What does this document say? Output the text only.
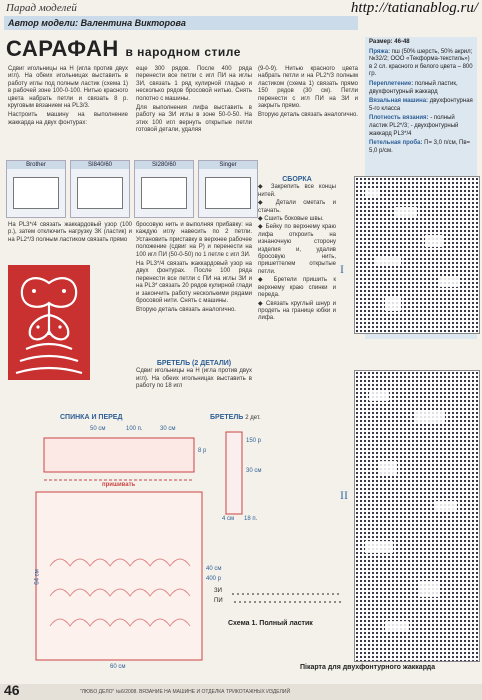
Парад моделей	http://tatianablog.ru/
Автор модели: Валентина Викторова
САРАФАН в народном стиле

Сдвиг игольницы на Н (игла против двух игл). На обеих игольницах выставить в работу иглы под полным ластик (схема 1) в рабочей зоне 100-0-100. Нитью красного цвета набрать петли и связать 8 р. круговым вязанием на PL3/3.

Настроить машину на выполнение жаккарда на двух фонтурах:

еще 300 рядов. После 400 ряда перенести все петли с игл ПИ на иглы ЗИ, связать 1 ряд кулирной гладью и несколько рядов бросовой нитью. Снять полотно с машины.

Для выполнения лифа выставить в работу на ЗИ иглы в зоне 50-0-50. На этих 100 игл вернуть открытые петли готовой детали, удаляя

(9-0-9). Нитью красного цвета набрать петли и на PL2*/3 полным ластиком (схема 1) связать прямо 150 рядов (30 см). Петли перенести с игл ПИ на ЗИ и закрыть прямо.

Вторую деталь связать аналогично.

Brother	SI840/60	SI280/60	Singer

На PL3*/4 связать жаккардовый узор (100 р.), затем отключить нагрузку ЗК (ластик) и на PL2*/3 полным ластиком связать прямо

бросовую нить и выполняя прибавку: на каждую иглу навесить по 2 петли. Установить приставку в верхнее рабочее положение (сдвиг на Р) и перенести на 100 игл ПИ (50-0-50) по 1 петле с игл ЗИ.

На PL3*/4 связать жаккардовый узор на двух фонтурах. После 100 ряда перенести все петли с ПИ на иглы ЗИ и на PL3* связать 20 рядов кулирной глади и закончить работу несколькими рядами бросовой нити. Снять с машины.

Вторую деталь связать аналогично.

БРЕТЕЛЬ (2 ДЕТАЛИ)

Сдвиг игольницы на Н (игла против двух игл). На обеих игольницах выставить в работу по 18 игл

СБОРКА

◆ Закрепить все концы нитей.

◆ Детали сметать и стачать.

◆ Сшить боковые швы.

◆ Бейку по верхнему краю лифа откроить на изнаночную сторону изделия и, удалив бросовую нить, пришеттелем открытые петли.

◆ Бретели пришить к верхнему краю спинки и переда.

◆ Связать круглый шнур и продеть на границе юбки и лифа.

I
Размер: 46-48
Пряжа: пш (50% шерсть, 50% акрил; №32/2; ООО «Текформа-текстиль») в 2 сл. красного и белого цвета – 800 гр.
Переплетение: полный ластик, двухфонтурный жаккард
Вязальная машина: двухфонтурная 5-го класса
Плотность вязания: - полный ластик PL2*/3; - двухфонтурный жаккард PL3*/4
Петельная проба: П= 3,0 п/см, Пв= 5,0 р/см.
II
Пікарта для двухфонтурного жаккарда
СПИНКА И ПЕРЕД
50 см	100 п.	30 см
8 р
пришивать
64 см
40 см
400 р
60 см
БРЕТЕЛЬ 2 дет.
150 р
30 см
4 см 18 п.
ЗИ
ПИ
Схема 1. Полный ластик
"ЛЮБО ДЕЛО" №6/2008. ВЯЗАНИЕ НА МАШИНЕ И ОТДЕЛКА ТРИКОТАЖНЫХ ИЗДЕЛИЙ
46
